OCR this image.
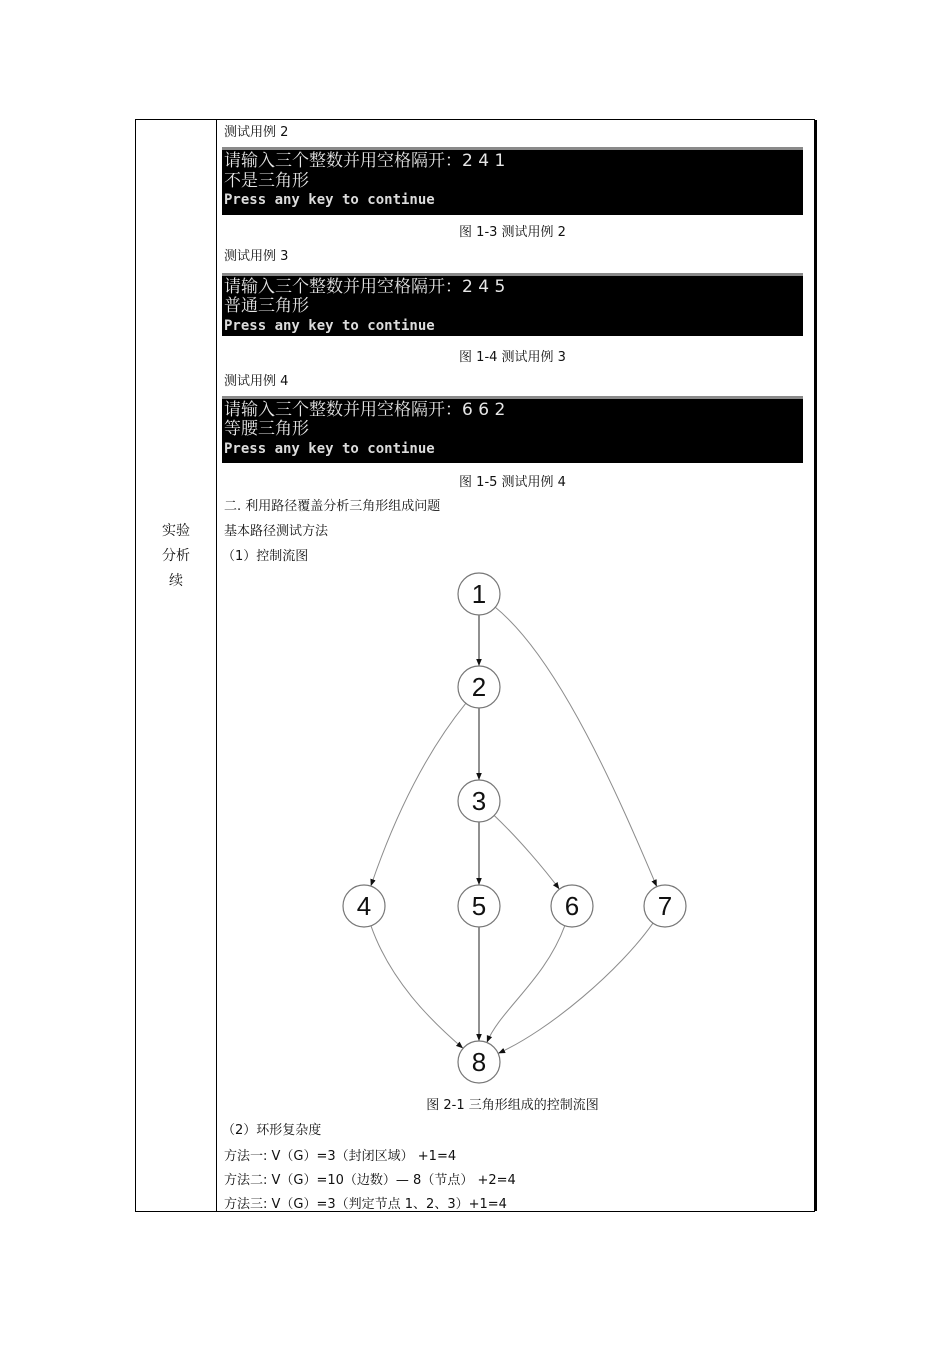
实验
分析
续
测试用例 2
请输入三个整数并用空格隔开：2 4 1
不是三角形
Press any key to continue
图 1-3 测试用例 2
测试用例 3
请输入三个整数并用空格隔开：2 4 5
普通三角形
Press any key to continue
图 1-4 测试用例 3
测试用例 4
请输入三个整数并用空格隔开：6 6 2
等腰三角形
Press any key to continue
图 1-5 测试用例 4
二. 利用路径覆盖分析三角形组成问题
基本路径测试方法
（1）控制流图
1
2
3
4	5	6	7
8
图 2-1 三角形组成的控制流图
（2）环形复杂度
方法一: V（G）=3（封闭区域） +1=4
方法二: V（G）=10（边数）— 8（节点） +2=4
方法三: V（G）=3（判定节点 1、2、3）+1=4
